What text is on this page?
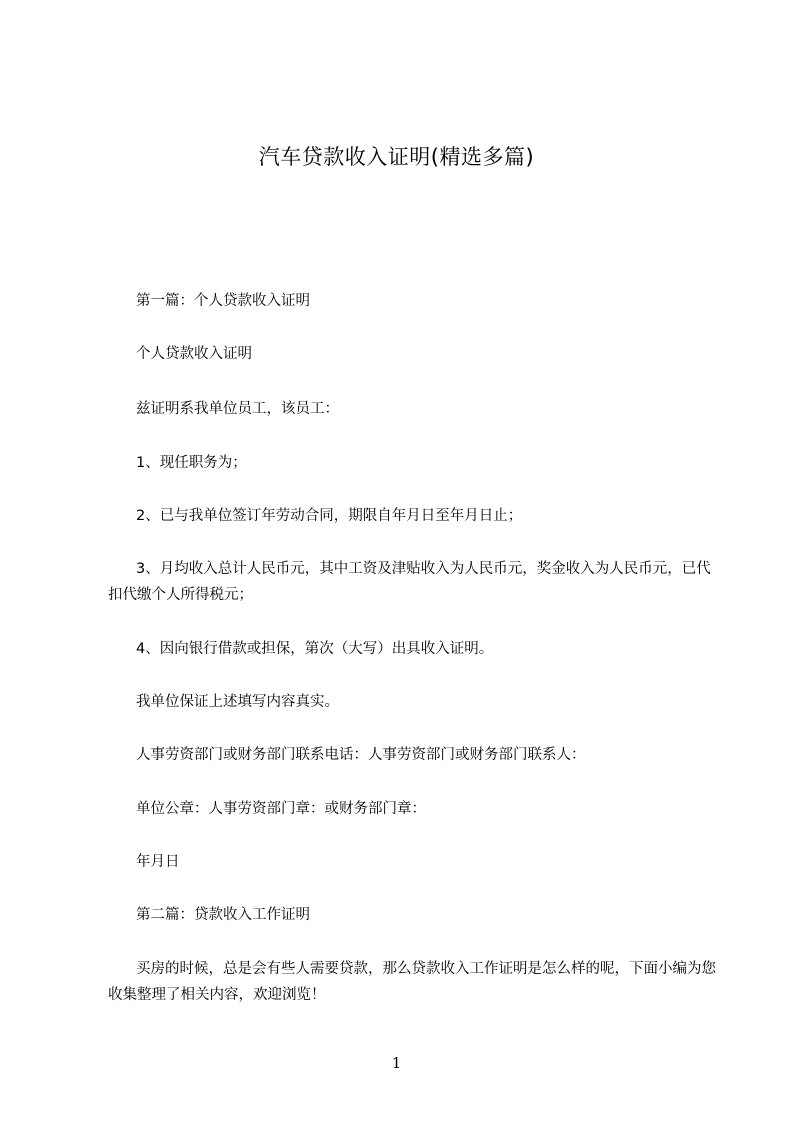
汽车贷款收入证明(精选多篇)

第一篇：个人贷款收入证明

个人贷款收入证明

兹证明系我单位员工，该员工：

1、现任职务为；

2、已与我单位签订年劳动合同，期限自年月日至年月日止；

3、月均收入总计人民币元，其中工资及津贴收入为人民币元，奖金收入为人民币元，已代扣代缴个人所得税元；

4、因向银行借款或担保，第次（大写）出具收入证明。

我单位保证上述填写内容真实。

人事劳资部门或财务部门联系电话：人事劳资部门或财务部门联系人：

单位公章：人事劳资部门章：或财务部门章：

年月日

第二篇：贷款收入工作证明

买房的时候，总是会有些人需要贷款，那么贷款收入工作证明是怎么样的呢，下面小编为您收集整理了相关内容，欢迎浏览！

1
